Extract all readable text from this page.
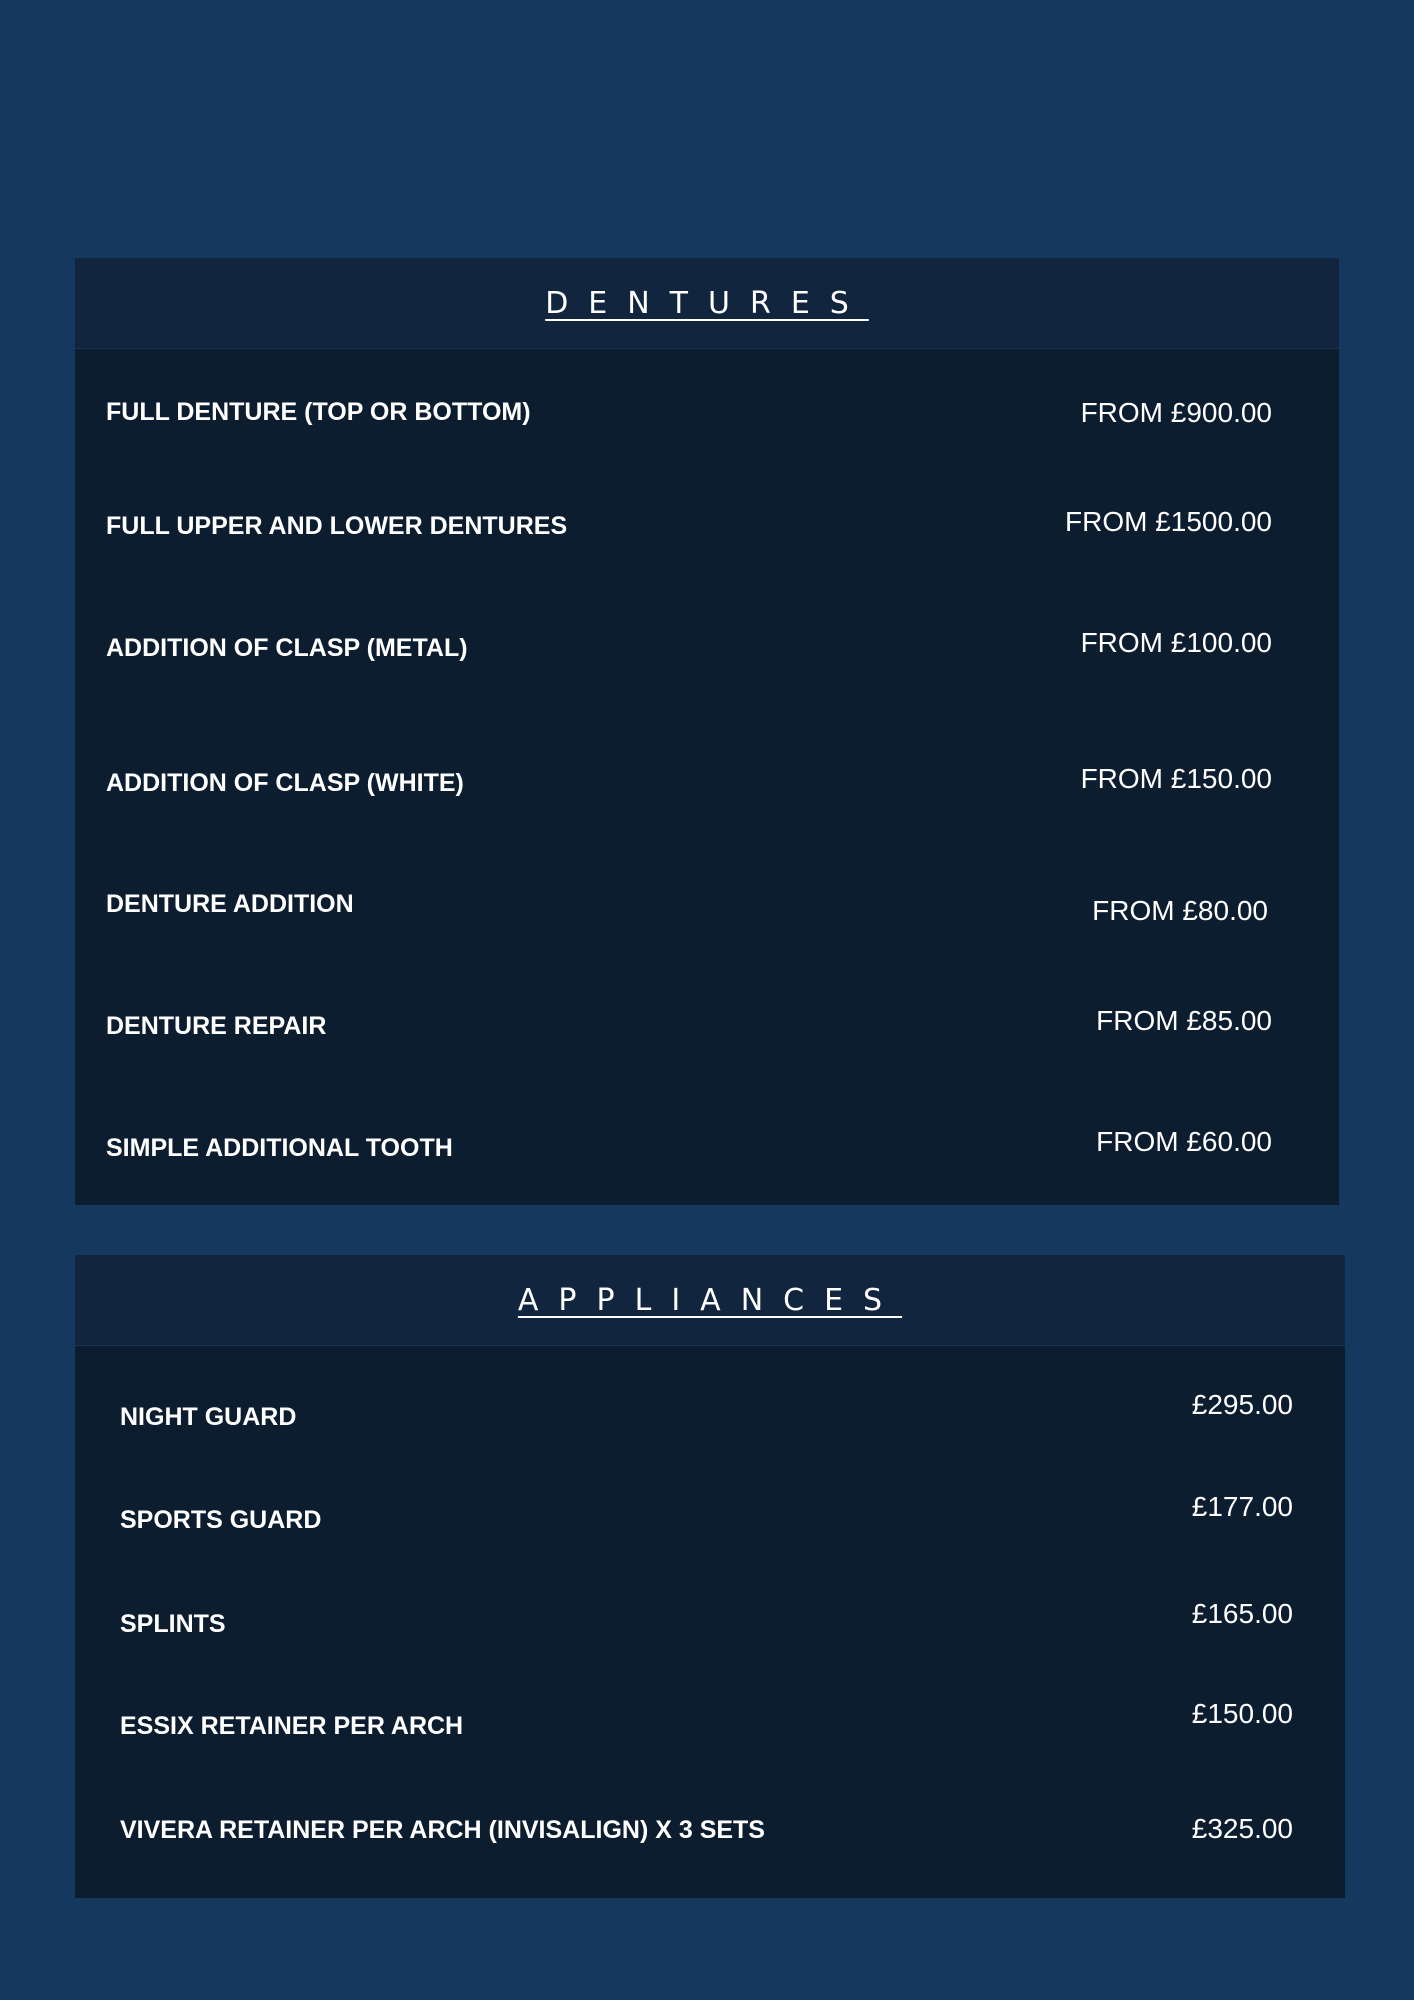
DENTURES
FULL DENTURE (TOP OR BOTTOM)	FROM £900.00
FULL UPPER AND LOWER DENTURES	FROM £1500.00
ADDITION OF CLASP (METAL)	FROM £100.00
ADDITION OF CLASP (WHITE)	FROM £150.00
DENTURE ADDITION	FROM £80.00
DENTURE REPAIR	FROM £85.00
SIMPLE ADDITIONAL TOOTH	FROM £60.00
APPLIANCES
NIGHT GUARD	£295.00
SPORTS GUARD	£177.00
SPLINTS	£165.00
ESSIX RETAINER PER ARCH	£150.00
VIVERA RETAINER PER ARCH (INVISALIGN) X 3 SETS	£325.00
